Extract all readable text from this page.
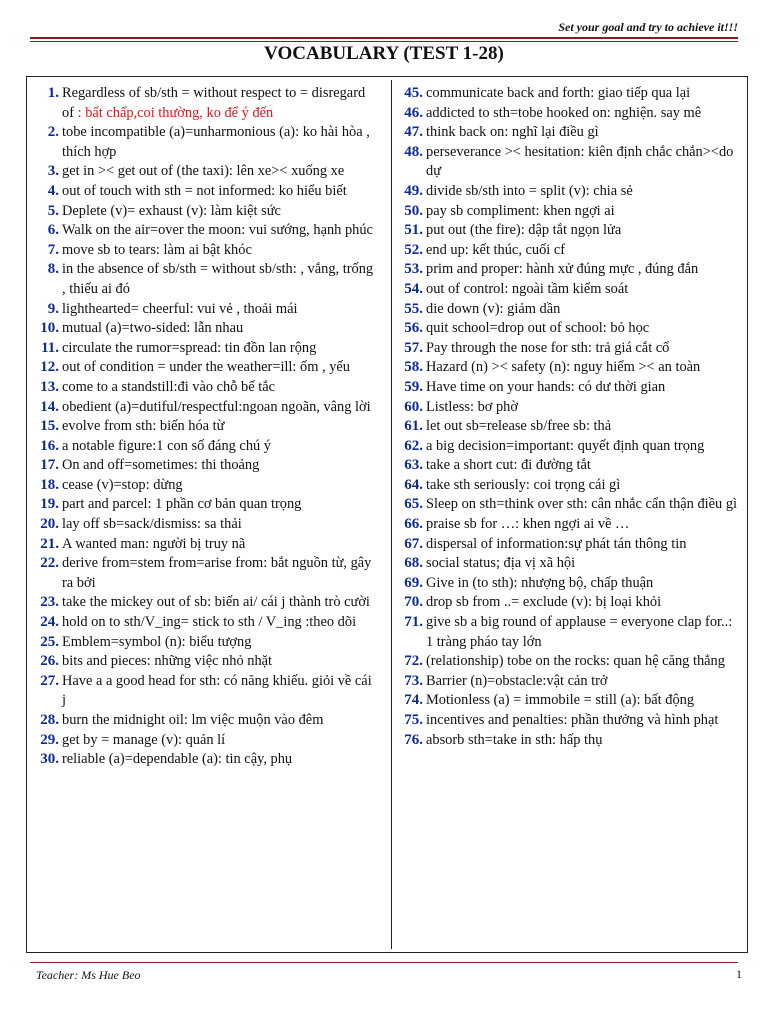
Set your goal and try to achieve it!!!
VOCABULARY (TEST 1-28)
1. Regardless of sb/sth = without respect to = disregard of : bất chấp,coi thường, ko để ý đến
2. tobe incompatible (a)=unharmonious (a): ko hài hòa , thích hợp
3. get in >< get out of (the taxi): lên xe>< xuống xe
4. out of touch with sth = not informed: ko hiểu biết
5. Deplete (v)= exhaust (v): làm kiệt sức
6. Walk on the air=over the moon: vui sướng, hạnh phúc
7. move sb to tears: làm ai bật khóc
8. in the absence of sb/sth = without sb/sth: , vắng, trống , thiếu ai đó
9. lighthearted= cheerful: vui vẻ , thoải mái
10. mutual (a)=two-sided: lẫn nhau
11. circulate the rumor=spread: tin đồn lan rộng
12. out of condition = under the weather=ill: ốm , yếu
13. come to a standstill:đi vào chỗ bế tắc
14. obedient (a)=dutiful/respectful:ngoan ngoãn, vâng lời
15. evolve from sth: biến hóa từ
16. a notable figure:1 con số đáng chú ý
17. On and off=sometimes: thi thoảng
18. cease (v)=stop: dừng
19. part and parcel: 1 phần cơ bản quan trọng
20. lay off sb=sack/dismiss: sa thải
21. A wanted man: người bị truy nã
22. derive from=stem from=arise from: bắt nguồn từ, gây ra bởi
23. take the mickey out of sb: biến ai/ cái j thành trò cười
24. hold on to sth/V_ing= stick to sth / V_ing :theo dõi
25. Emblem=symbol (n): biểu tượng
26. bits and pieces: những việc nhỏ nhặt
27. Have a a good head for sth: có năng khiếu. giỏi về cái j
28. burn the midnight oil: lm việc muộn vào đêm
29. get by = manage (v): quản lí
30. reliable (a)=dependable (a): tin cậy, phụ
45. communicate back and forth: giao tiếp qua lại
46. addicted to sth=tobe hooked on: nghiện. say mê
47. think back on: nghĩ lại điều gì
48. perseverance >< hesitation: kiên định chắc chắn><do dự
49. divide sb/sth into = split (v): chia sẻ
50. pay sb compliment: khen ngợi ai
51. put out (the fire): dập tắt ngọn lửa
52. end up: kết thúc, cuối cf
53. prim and proper: hành xử đúng mực , đúng đắn
54. out of control: ngoài tầm kiểm soát
55. die down (v): giảm dần
56. quit school=drop out of school: bỏ học
57. Pay through the nose for sth: trả giá cắt cổ
58. Hazard (n) >< safety (n): nguy hiểm >< an toàn
59. Have time on your hands: có dư thời gian
60. Listless: bơ phờ
61. let out sb=release sb/free sb: thả
62. a big decision=important: quyết định quan trọng
63. take a short cut: đi đường tắt
64. take sth seriously: coi trọng cái gì
65. Sleep on sth=think over sth: cân nhắc cẩn thận điều gì
66. praise sb for …: khen ngợi ai về …
67. dispersal of information:sự phát tán thông tin
68. social status; địa vị xã hội
69. Give in (to sth): nhượng bộ, chấp thuận
70. drop sb from ..= exclude (v): bị loại khỏi
71. give sb a big round of applause = everyone clap for..: 1 tràng pháo tay lớn
72. (relationship) tobe on the rocks: quan hệ căng thẳng
73. Barrier (n)=obstacle:vật cản trở
74. Motionless (a) = immobile = still (a): bất động
75. incentives and penalties: phần thưởng và hình phạt
76. absorb sth=take in sth: hấp thụ
Teacher: Ms Hue Beo	1
